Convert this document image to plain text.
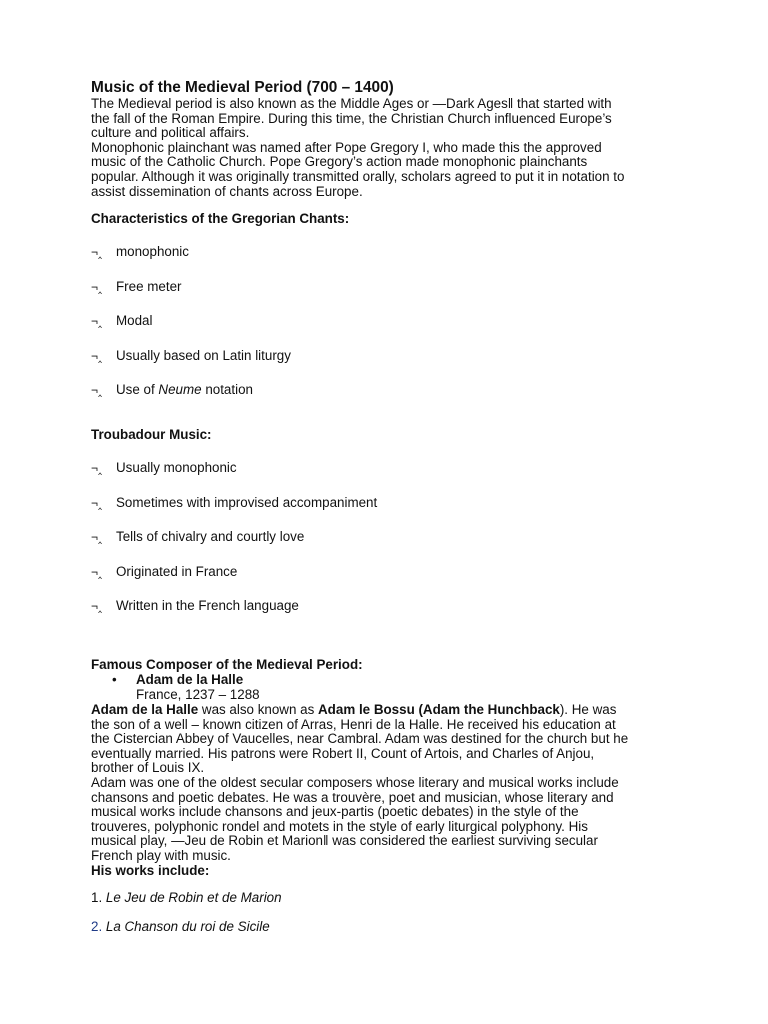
Music of the Medieval Period (700 – 1400)

The Medieval period is also known as the Middle Ages or ―Dark Ages‖ that started with

the fall of the Roman Empire. During this time, the Christian Church influenced Europe’s

culture and political affairs.

Monophonic plainchant was named after Pope Gregory I, who made this the approved

music of the Catholic Church. Pope Gregory’s action made monophonic plainchants

popular. Although it was originally transmitted orally, scholars agreed to put it in notation to

assist dissemination of chants across Europe.

Characteristics of the Gregorian Chants:
¬‸ monophonic
¬‸ Free meter
¬‸ Modal
¬‸ Usually based on Latin liturgy
¬‸ Use of Neume notation
Troubadour Music:
¬‸ Usually monophonic
¬‸ Sometimes with improvised accompaniment
¬‸ Tells of chivalry and courtly love
¬‸ Originated in France
¬‸ Written in the French language
Famous Composer of the Medieval Period:
• Adam de la Halle
France, 1237 – 1288

Adam de la Halle was also known as Adam le Bossu (Adam the Hunchback). He was

the son of a well – known citizen of Arras, Henri de la Halle. He received his education at

the Cistercian Abbey of Vaucelles, near Cambral. Adam was destined for the church but he

eventually married. His patrons were Robert II, Count of Artois, and Charles of Anjou,

brother of Louis IX.

Adam was one of the oldest secular composers whose literary and musical works include

chansons and poetic debates. He was a trouvère, poet and musician, whose literary and

musical works include chansons and jeux-partis (poetic debates) in the style of the

trouveres, polyphonic rondel and motets in the style of early liturgical polyphony. His

musical play, ―Jeu de Robin et Marion‖ was considered the earliest surviving secular

French play with music.

His works include:

1. Le Jeu de Robin et de Marion
2. La Chanson du roi de Sicile
